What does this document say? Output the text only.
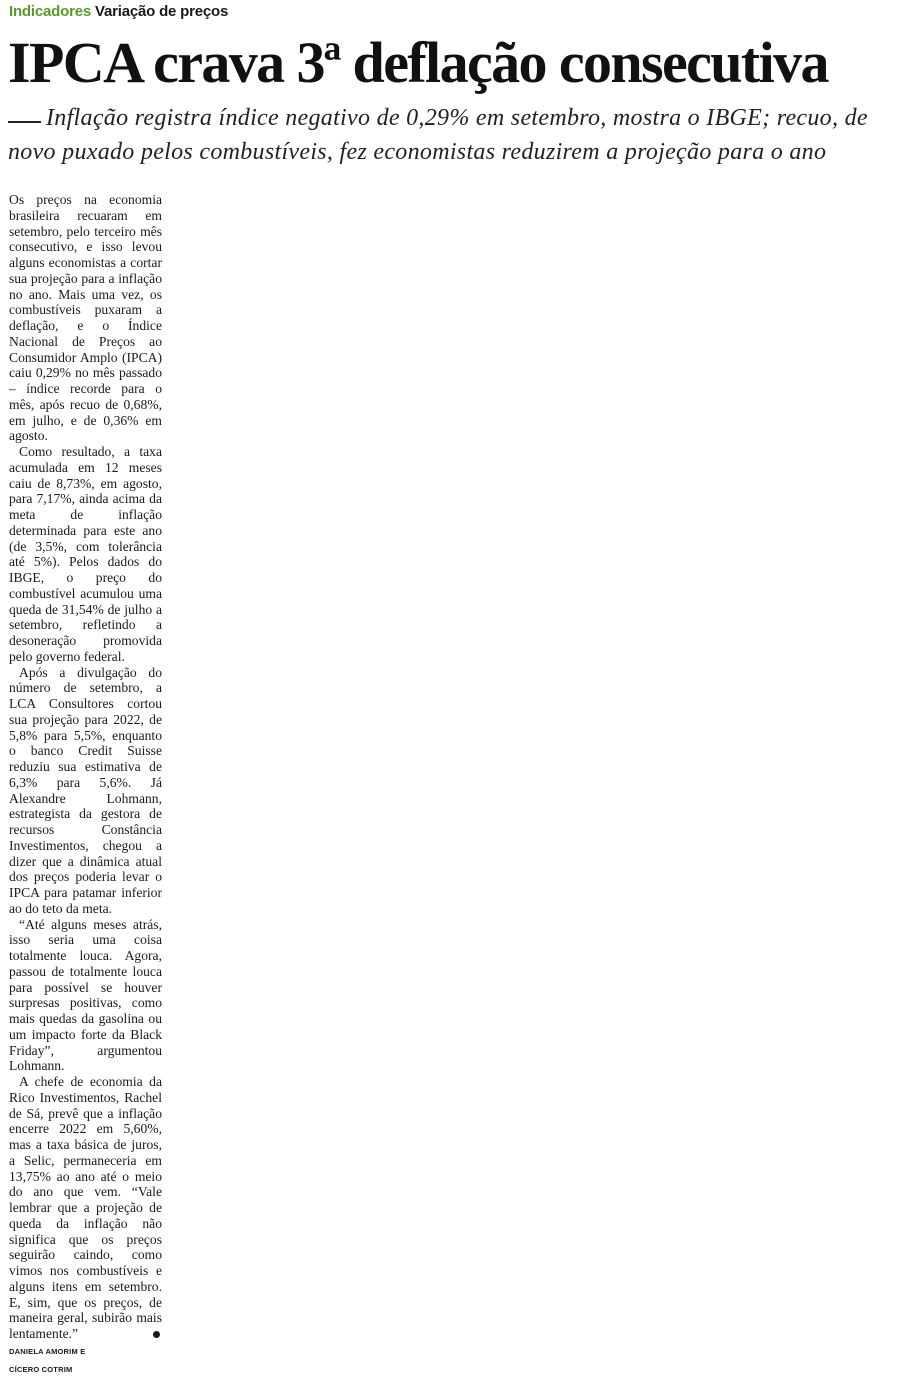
Indicadores Variação de preços
IPCA crava 3ª deflação consecutiva

Inflação registra índice negativo de 0,29% em setembro, mostra o IBGE; recuo, de novo puxado pelos combustíveis, fez economistas reduzirem a projeção para o ano

Os preços na economia brasileira recuaram em setembro, pelo terceiro mês consecutivo, e isso levou alguns economistas a cortar sua projeção para a inflação no ano. Mais uma vez, os combustíveis puxaram a deflação, e o Índice Nacional de Preços ao Consumidor Amplo (IPCA) caiu 0,29% no mês passado – índice recorde para o mês, após recuo de 0,68%, em julho, e de 0,36% em agosto.

Como resultado, a taxa acumulada em 12 meses caiu de 8,73%, em agosto, para 7,17%, ainda acima da meta de inflação determinada para este ano (de 3,5%, com tolerância até 5%). Pelos dados do IBGE, o preço do combustível acumulou uma queda de 31,54% de julho a setembro, refletindo a desoneração promovida pelo governo federal.

Após a divulgação do número de setembro, a LCA Consultores cortou sua projeção para 2022, de 5,8% para 5,5%, enquanto o banco Credit Suisse reduziu sua estimativa de 6,3% para 5,6%. Já Alexandre Lohmann, estrategista da gestora de recursos Constância Investimentos, chegou a dizer que a dinâmica atual dos preços poderia levar o IPCA para patamar inferior ao do teto da meta.

“Até alguns meses atrás, isso seria uma coisa totalmente louca. Agora, passou de totalmente louca para possível se houver surpresas positivas, como mais quedas da gasolina ou um impacto forte da Black Friday”, argumentou Lohmann.

A chefe de economia da Rico Investimentos, Rachel de Sá, prevê que a inflação encerre 2022 em 5,60%, mas a taxa básica de juros, a Selic, permaneceria em 13,75% ao ano até o meio do ano que vem. “Vale lembrar que a projeção de queda da inflação não significa que os preços seguirão caindo, como vimos nos combustíveis e alguns itens em setembro. E, sim, que os preços, de maneira geral, subirão mais lentamente.” DANIELA AMORIM E
CÍCERO COTRIM
